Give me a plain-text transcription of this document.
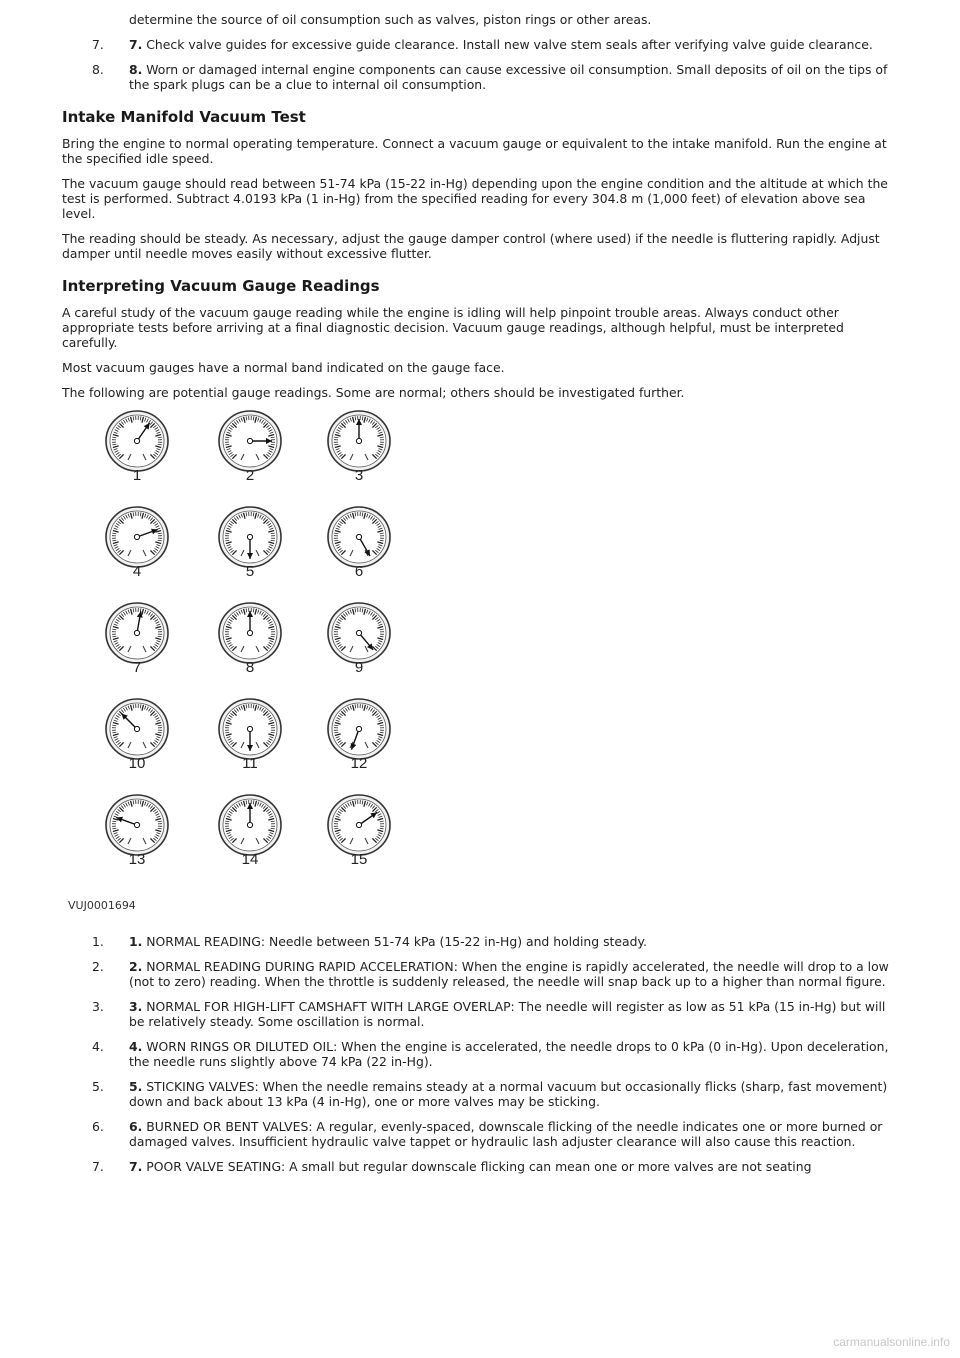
determine the source of oil consumption such as valves, piston rings or other areas.
7. 7. Check valve guides for excessive guide clearance. Install new valve stem seals after verifying valve guide clearance.
8. 8. Worn or damaged internal engine components can cause excessive oil consumption. Small deposits of oil on the tips of the spark plugs can be a clue to internal oil consumption.
Intake Manifold Vacuum Test

Bring the engine to normal operating temperature. Connect a vacuum gauge or equivalent to the intake manifold. Run the engine at the specified idle speed.

The vacuum gauge should read between 51-74 kPa (15-22 in-Hg) depending upon the engine condition and the altitude at which the test is performed. Subtract 4.0193 kPa (1 in-Hg) from the specified reading for every 304.8 m (1,000 feet) of elevation above sea level.

The reading should be steady. As necessary, adjust the gauge damper control (where used) if the needle is fluttering rapidly. Adjust damper until needle moves easily without excessive flutter.

Interpreting Vacuum Gauge Readings

A careful study of the vacuum gauge reading while the engine is idling will help pinpoint trouble areas. Always conduct other appropriate tests before arriving at a final diagnostic decision. Vacuum gauge readings, although helpful, must be interpreted carefully.

Most vacuum gauges have a normal band indicated on the gauge face.

The following are potential gauge readings. Some are normal; others should be investigated further.

VUJ0001694
1	2	3
4	5	6
7	8	9
10	11	12
13	14	15
1. 1. NORMAL READING: Needle between 51-74 kPa (15-22 in-Hg) and holding steady.
2. 2. NORMAL READING DURING RAPID ACCELERATION: When the engine is rapidly accelerated, the needle will drop to a low (not to zero) reading. When the throttle is suddenly released, the needle will snap back up to a higher than normal figure.
3. 3. NORMAL FOR HIGH-LIFT CAMSHAFT WITH LARGE OVERLAP: The needle will register as low as 51 kPa (15 in-Hg) but will be relatively steady. Some oscillation is normal.
4. 4. WORN RINGS OR DILUTED OIL: When the engine is accelerated, the needle drops to 0 kPa (0 in-Hg). Upon deceleration, the needle runs slightly above 74 kPa (22 in-Hg).
5. 5. STICKING VALVES: When the needle remains steady at a normal vacuum but occasionally flicks (sharp, fast movement) down and back about 13 kPa (4 in-Hg), one or more valves may be sticking.
6. 6. BURNED OR BENT VALVES: A regular, evenly-spaced, downscale flicking of the needle indicates one or more burned or damaged valves. Insufficient hydraulic valve tappet or hydraulic lash adjuster clearance will also cause this reaction.
7. 7. POOR VALVE SEATING: A small but regular downscale flicking can mean one or more valves are not seating
carmanualsonline.info
